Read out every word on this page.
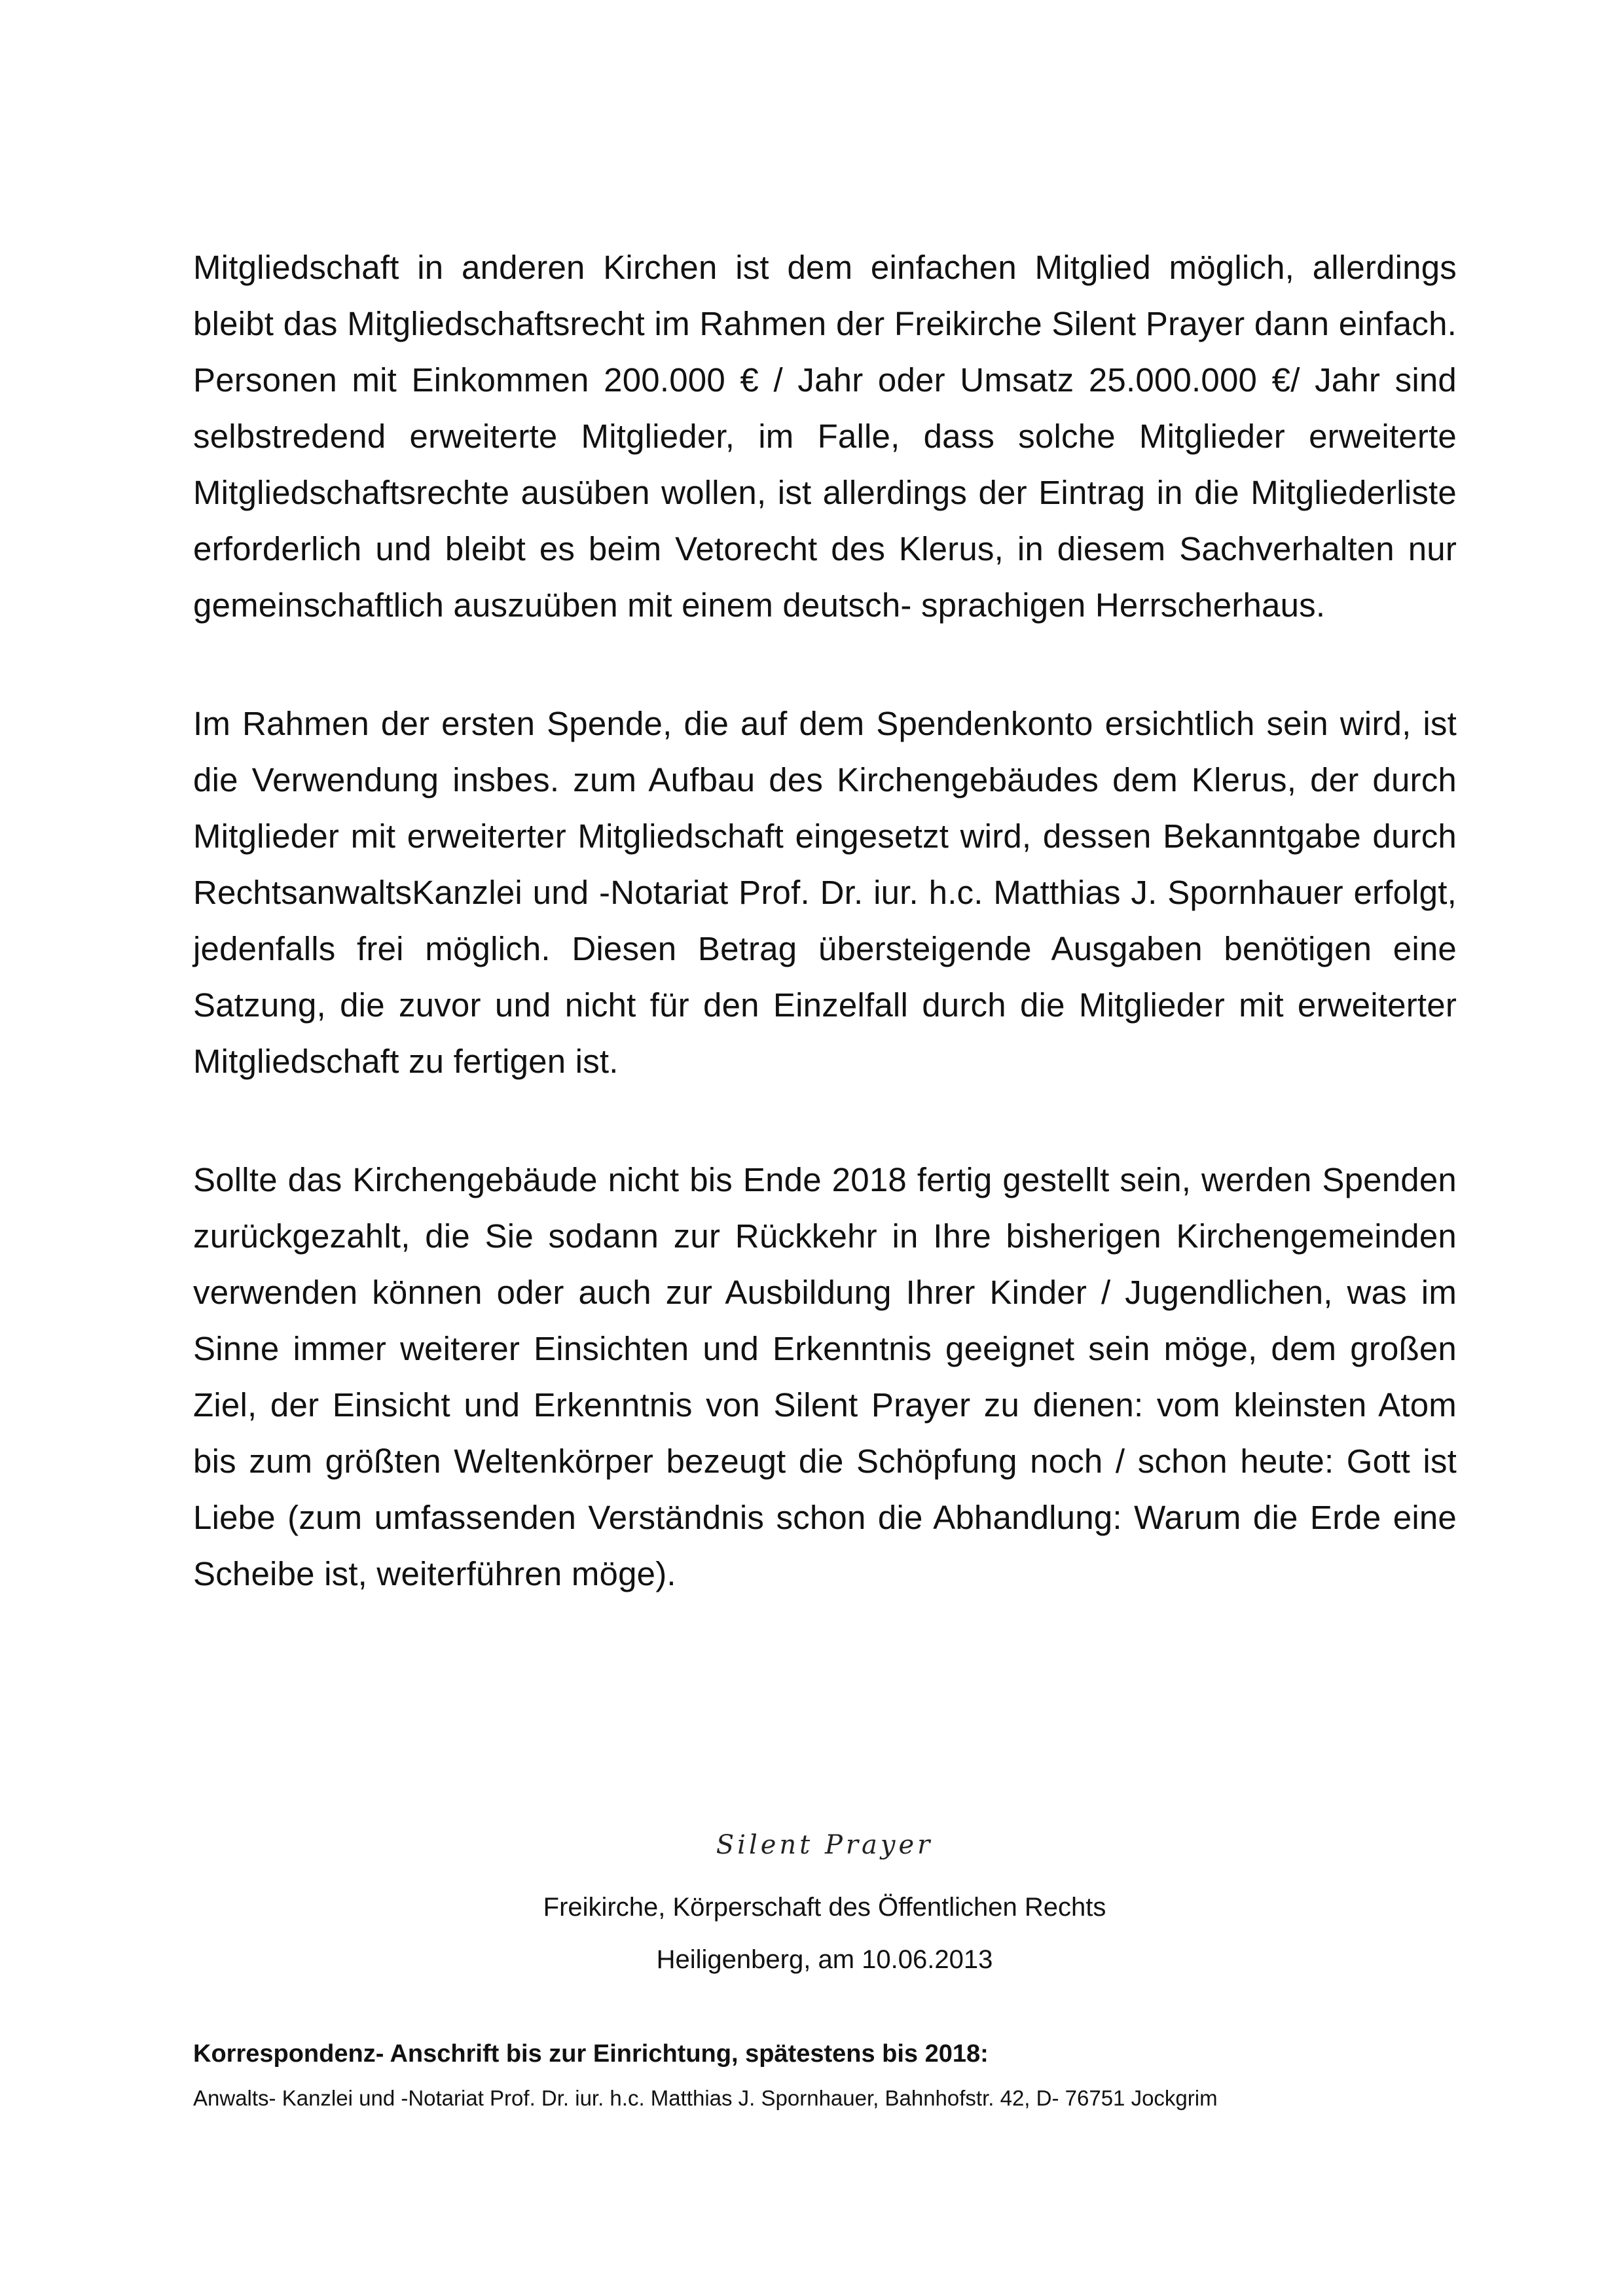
Mitgliedschaft in anderen Kirchen ist dem einfachen Mitglied möglich, allerdings bleibt das Mitgliedschaftsrecht im Rahmen der Freikirche Silent Prayer dann einfach. Personen mit Einkommen 200.000 € / Jahr oder Umsatz 25.000.000 €/ Jahr sind selbstredend erweiterte Mitglieder, im Falle, dass solche Mitglieder erweiterte Mitgliedschaftsrechte ausüben wollen, ist allerdings der Eintrag in die Mitgliederliste erforderlich und bleibt es beim Vetorecht des Klerus, in diesem Sachverhalten nur gemeinschaftlich auszuüben mit einem deutsch- sprachigen Herrscherhaus.

Im Rahmen der ersten Spende, die auf dem Spendenkonto ersichtlich sein wird, ist die Verwendung insbes. zum Aufbau des Kirchengebäudes dem Klerus, der durch Mitglieder mit erweiterter Mitgliedschaft eingesetzt wird, dessen Bekanntgabe durch RechtsanwaltsKanzlei und -Notariat Prof. Dr. iur. h.c. Matthias J. Spornhauer erfolgt, jedenfalls frei möglich. Diesen Betrag übersteigende Ausgaben benötigen eine Satzung, die zuvor und nicht für den Einzelfall durch die Mitglieder mit erweiterter Mitgliedschaft zu fertigen ist.

Sollte das Kirchengebäude nicht bis Ende 2018 fertig gestellt sein, werden Spenden zurückgezahlt, die Sie sodann zur Rückkehr in Ihre bisherigen Kirchengemeinden verwenden können oder auch zur Ausbildung Ihrer Kinder / Jugendlichen, was im Sinne immer weiterer Einsichten und Erkenntnis geeignet sein möge, dem großen Ziel, der Einsicht und Erkenntnis von Silent Prayer zu dienen: vom kleinsten Atom bis zum größten Weltenkörper bezeugt die Schöpfung noch / schon heute: Gott ist Liebe (zum umfassenden Verständnis schon die Abhandlung: Warum die Erde eine Scheibe ist, weiterführen möge).

Silent Prayer
Freikirche, Körperschaft des Öffentlichen Rechts
Heiligenberg, am 10.06.2013
Korrespondenz- Anschrift bis zur Einrichtung, spätestens bis 2018:
Anwalts- Kanzlei und -Notariat Prof. Dr. iur. h.c. Matthias J. Spornhauer, Bahnhofstr. 42, D- 76751 Jockgrim
